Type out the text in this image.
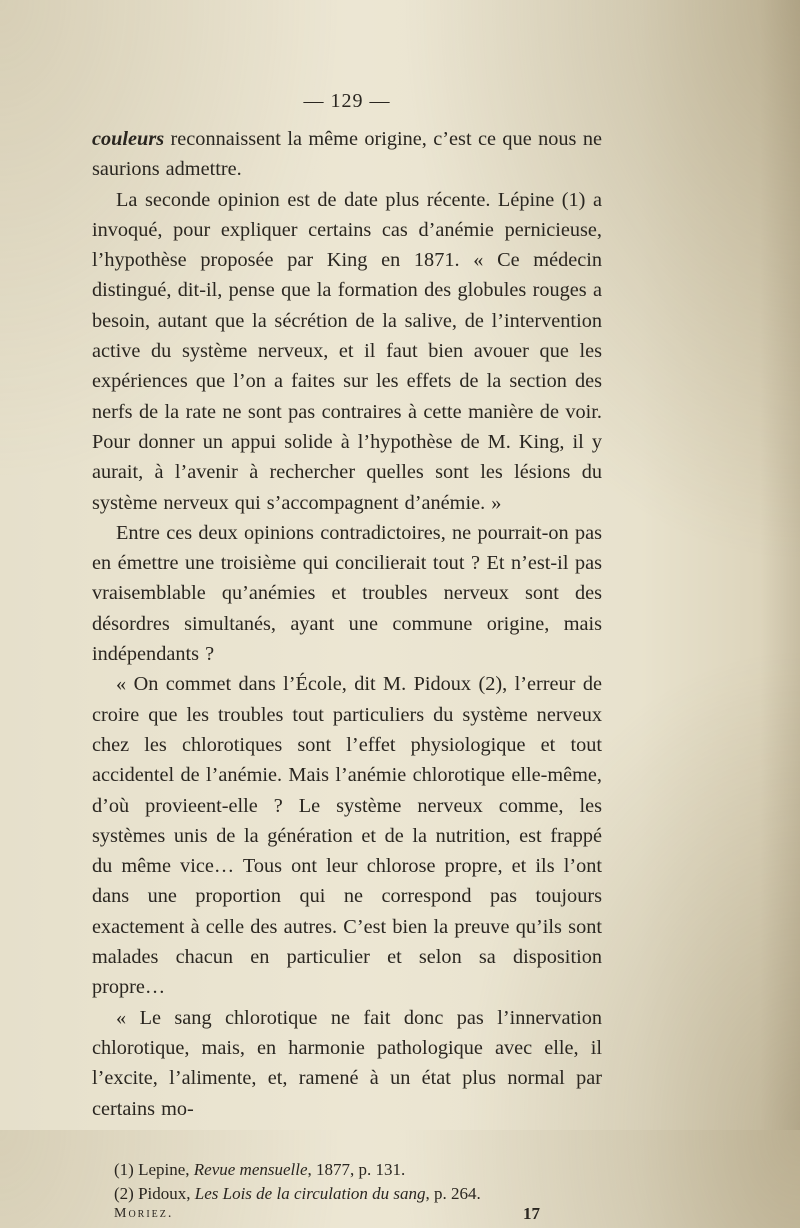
— 129 —

couleurs reconnaissent la même origine, c’est ce que nous ne saurions admettre.

La seconde opinion est de date plus récente. Lépine (1) a invoqué, pour expliquer certains cas d’anémie pernicieuse, l’hypothèse proposée par King en 1871. « Ce médecin distingué, dit-il, pense que la formation des globules rouges a besoin, autant que la sécrétion de la salive, de l’intervention active du système nerveux, et il faut bien avouer que les expériences que l’on a faites sur les effets de la section des nerfs de la rate ne sont pas contraires à cette manière de voir. Pour donner un appui solide à l’hypothèse de M. King, il y aurait, à l’avenir à rechercher quelles sont les lésions du système nerveux qui s’accompagnent d’anémie. »

Entre ces deux opinions contradictoires, ne pourrait-on pas en émettre une troisième qui concilierait tout ? Et n’est-il pas vraisemblable qu’anémies et troubles nerveux sont des désordres simultanés, ayant une commune origine, mais indépendants ?

« On commet dans l’École, dit M. Pidoux (2), l’erreur de croire que les troubles tout particuliers du système nerveux chez les chlorotiques sont l’effet physiologique et tout accidentel de l’anémie. Mais l’anémie chlorotique elle-même, d’où provieent-elle ? Le système nerveux comme, les systèmes unis de la génération et de la nutrition, est frappé du même vice… Tous ont leur chlorose propre, et ils l’ont dans une proportion qui ne correspond pas toujours exactement à celle des autres. C’est bien la preuve qu’ils sont malades chacun en particulier et selon sa disposition propre…

« Le sang chlorotique ne fait donc pas l’innervation chlorotique, mais, en harmonie pathologique avec elle, il l’excite, l’alimente, et, ramené à un état plus normal par certains mo-

(1) Lepine, Revue mensuelle, 1877, p. 131.
(2) Pidoux, Les Lois de la circulation du sang, p. 264.
Moriez.	17
